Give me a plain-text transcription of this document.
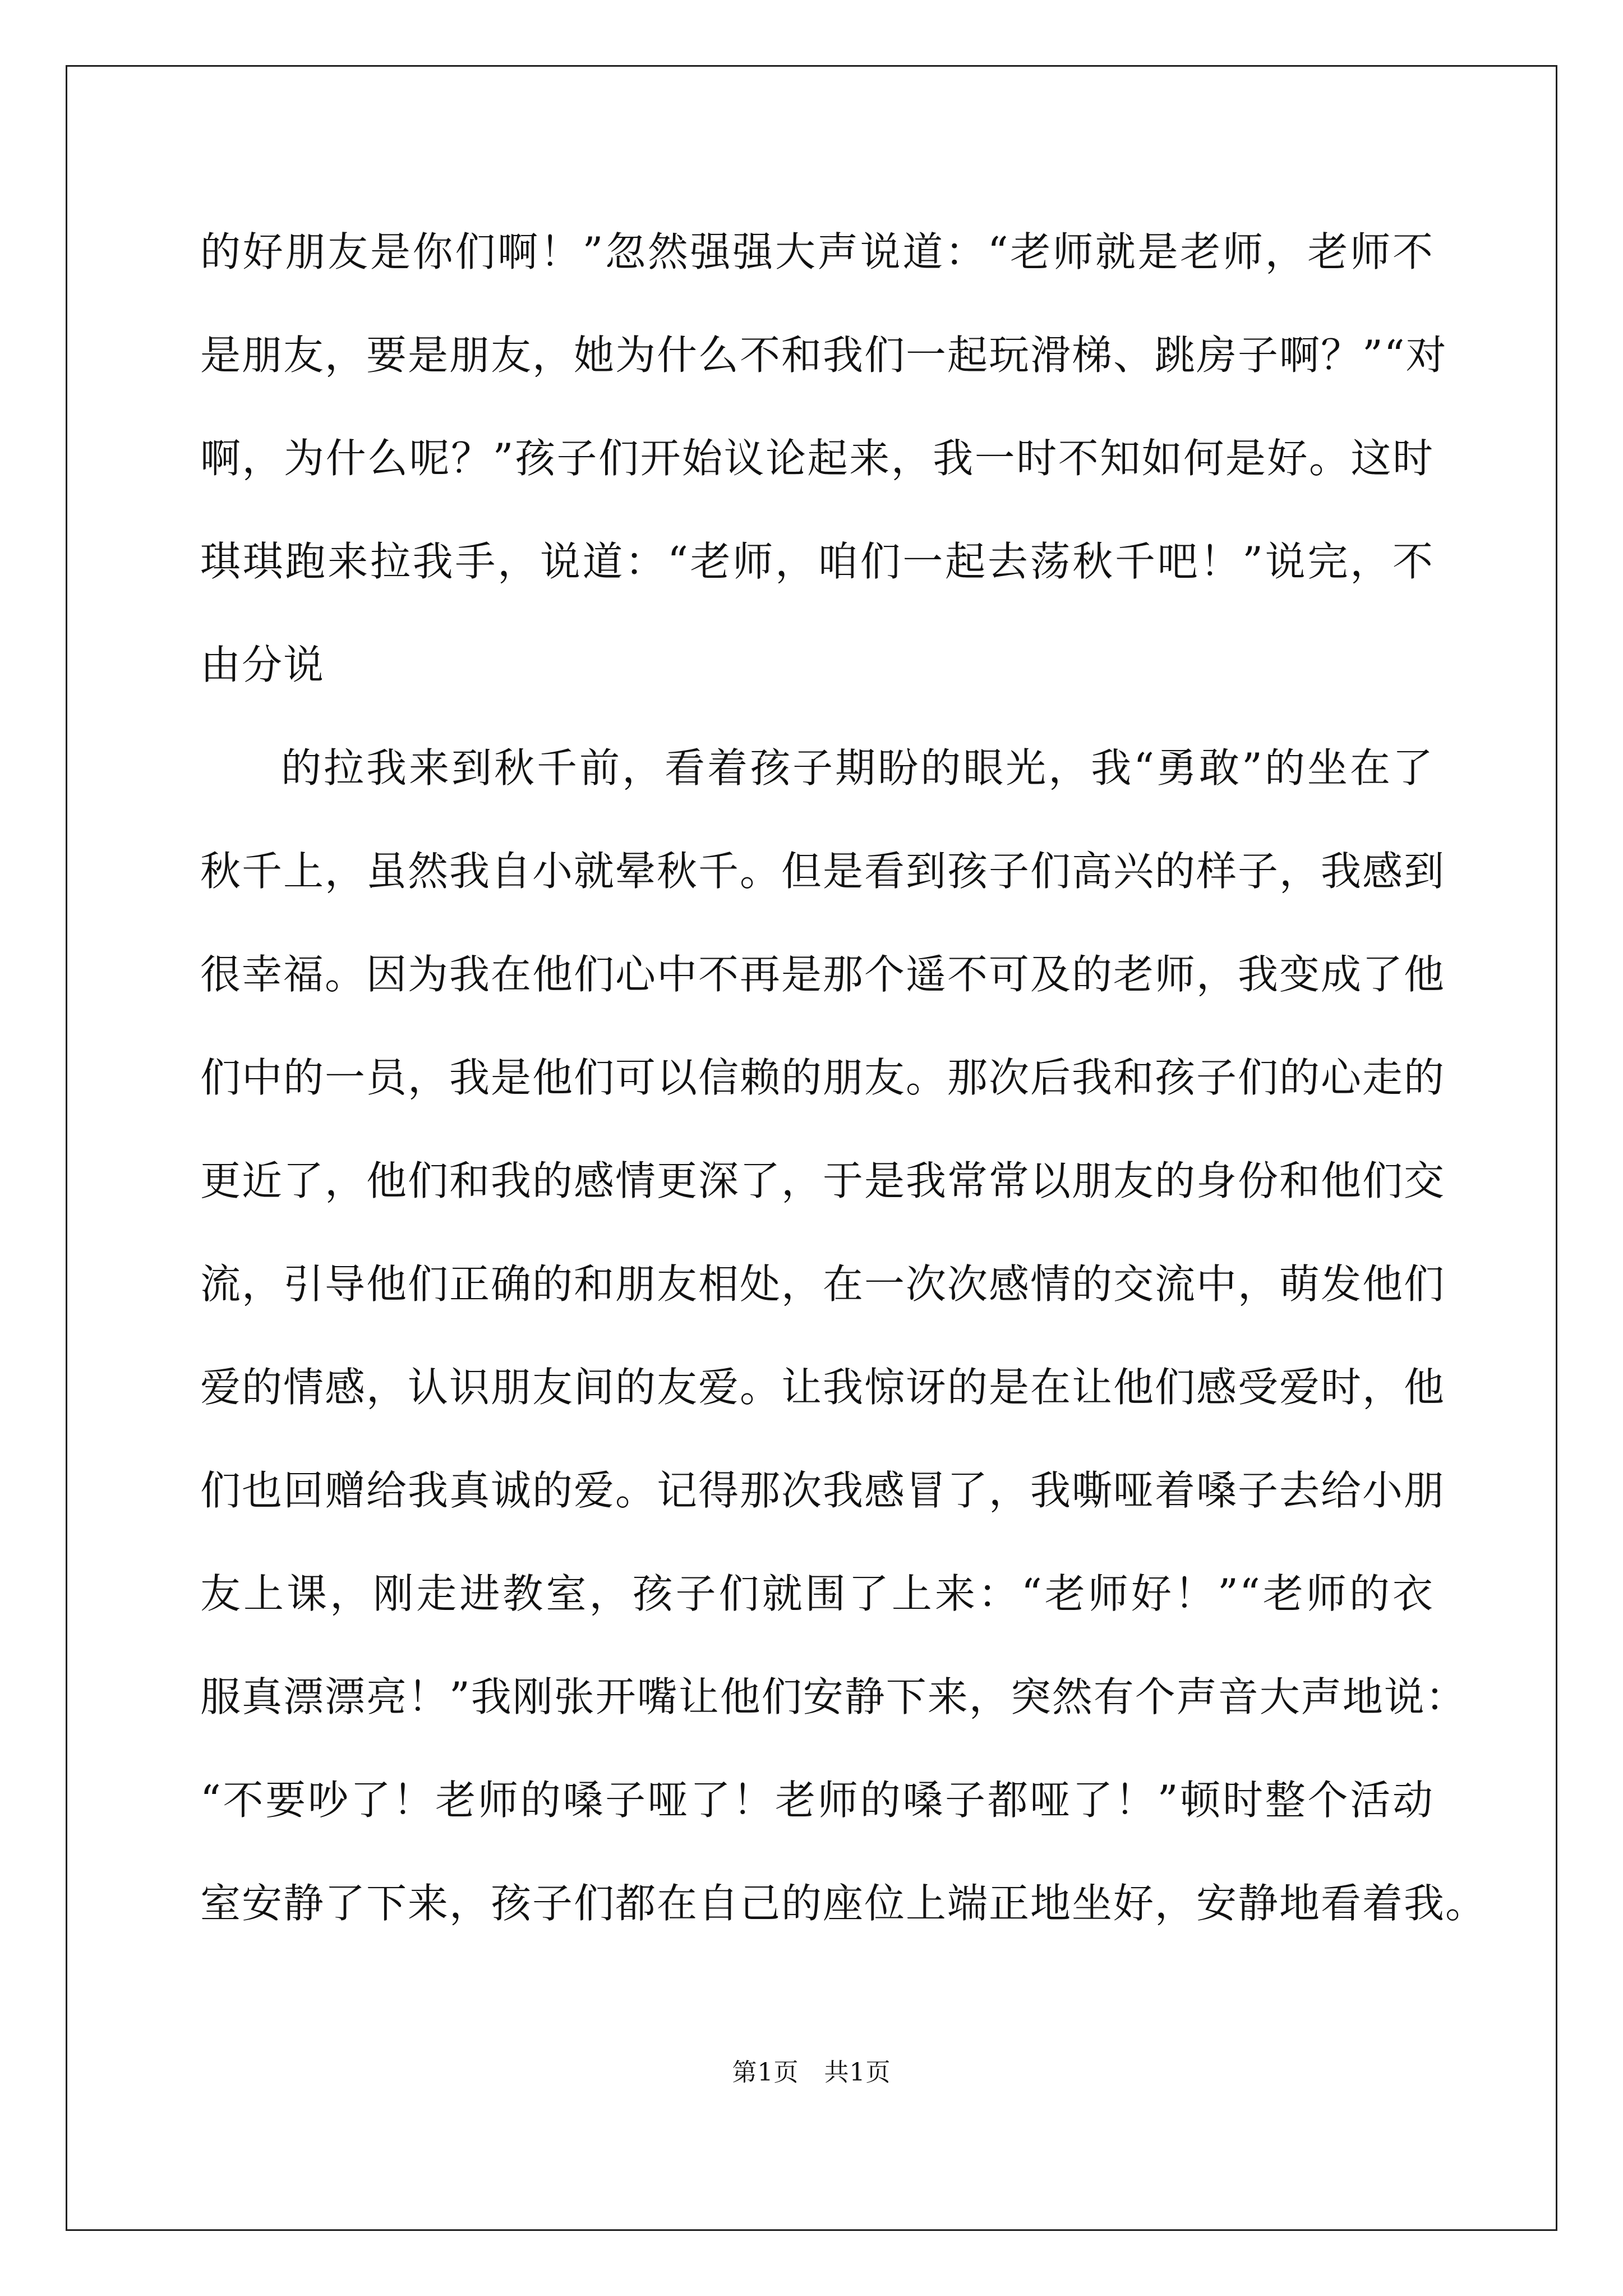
的好朋友是你们啊！”忽然强强大声说道：“老师就是老师，老师不
是朋友，要是朋友，她为什么不和我们一起玩滑梯、跳房子啊？”“对
啊，为什么呢？”孩子们开始议论起来，我一时不知如何是好。这时
琪琪跑来拉我手，说道：“老师，咱们一起去荡秋千吧！”说完，不
由分说
的拉我来到秋千前，看着孩子期盼的眼光，我“勇敢”的坐在了
秋千上，虽然我自小就晕秋千。但是看到孩子们高兴的样子，我感到
很幸福。因为我在他们心中不再是那个遥不可及的老师，我变成了他
们中的一员，我是他们可以信赖的朋友。那次后我和孩子们的心走的
更近了，他们和我的感情更深了，于是我常常以朋友的身份和他们交
流，引导他们正确的和朋友相处，在一次次感情的交流中，萌发他们
爱的情感，认识朋友间的友爱。让我惊讶的是在让他们感受爱时，他
们也回赠给我真诚的爱。记得那次我感冒了，我嘶哑着嗓子去给小朋
友上课，刚走进教室，孩子们就围了上来：“老师好！”“老师的衣
服真漂漂亮！”我刚张开嘴让他们安静下来，突然有个声音大声地说：
“不要吵了！老师的嗓子哑了！老师的嗓子都哑了！”顿时整个活动
室安静了下来，孩子们都在自己的座位上端正地坐好，安静地看着我。
第1页 共1页
